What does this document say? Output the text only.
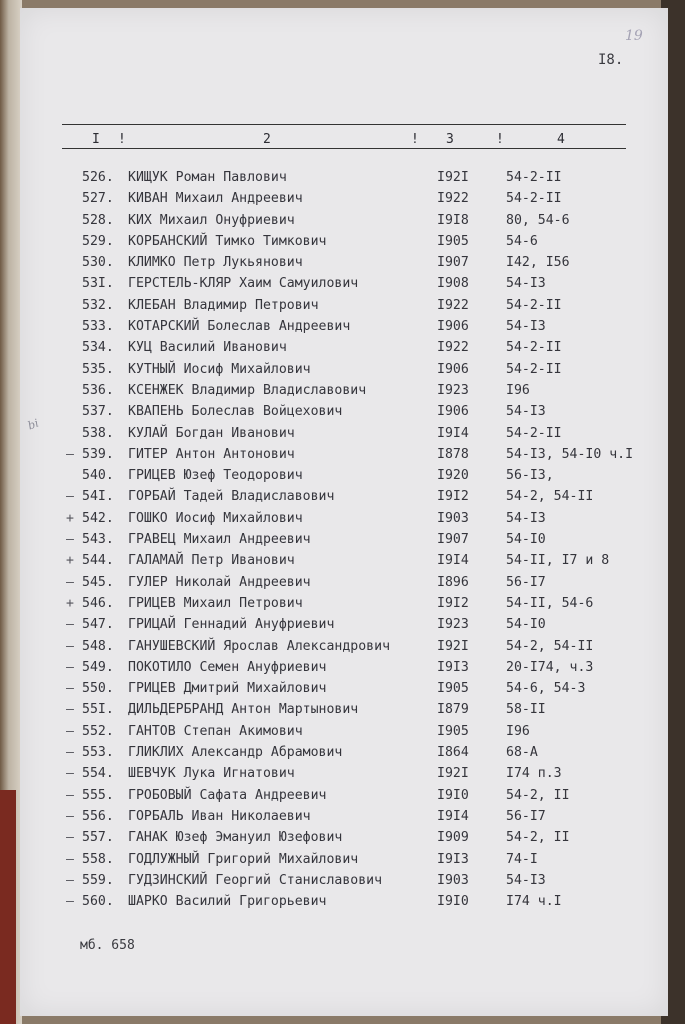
19
I8.
I !	2	! 3	!	4
bi
526. КИЩУК Роман Павлович	I92I	54-2-II
527. КИВАН Михаил Андреевич	I922	54-2-II
528. КИХ Михаил Онуфриевич	I9I8	80, 54-6
529. КОРБАНСКИЙ Тимко Тимкович	I905	54-6
530. КЛИМКО Петр Лукьянович	I907	I42, I56
53I. ГЕРСТЕЛЬ-КЛЯР Хаим Самуилович	I908	54-I3
532. КЛЕБАН Владимир Петрович	I922	54-2-II
533. КОТАРСКИЙ Болеслав Андреевич	I906	54-I3
534. КУЦ Василий Иванович	I922	54-2-II
535. КУТНЫЙ Иосиф Михайлович	I906	54-2-II
536. КСЕНЖЕК Владимир Владиславович	I923	I96
537. КВАПЕНЬ Болеслав Войцехович	I906	54-I3
538. КУЛАЙ Богдан Иванович	I9I4	54-2-II
— 539. ГИТЕР Антон Антонович	I878	54-I3, 54-I0 ч.I
540. ГРИЦЕВ Юзеф Теодорович	I920	56-I3,
— 54I. ГОРБАЙ Тадей Владиславович	I9I2	54-2, 54-II
+ 542. ГОШКО Иосиф Михайлович	I903	54-I3
— 543. ГРАВЕЦ Михаил Андреевич	I907	54-I0
+ 544. ГАЛАМАЙ Петр Иванович	I9I4	54-II, I7 и 8
— 545. ГУЛЕР Николай Андреевич	I896	56-I7
+ 546. ГРИЦЕВ Михаил Петрович	I9I2	54-II, 54-6
— 547. ГРИЦАЙ Геннадий Ануфриевич	I923	54-I0
— 548. ГАНУШЕВСКИЙ Ярослав Александрович	I92I	54-2, 54-II
— 549. ПОКОТИЛО Семен Ануфриевич	I9I3	20-I74, ч.3
— 550. ГРИЦЕВ Дмитрий Михайлович	I905	54-6, 54-3
— 55I. ДИЛЬДЕРБРАНД Антон Мартынович	I879	58-II
— 552. ГАНТОВ Степан Акимович	I905	I96
— 553. ГЛИКЛИХ Александр Абрамович	I864	68-А
— 554. ШЕВЧУК Лука Игнатович	I92I	I74 п.3
— 555. ГРОБОВЫЙ Сафата Андреевич	I9I0	54-2, II
— 556. ГОРБАЛЬ Иван Николаевич	I9I4	56-I7
— 557. ГАНАК Юзеф Эмануил Юзефович	I909	54-2, II
— 558. ГОДЛУЖНЫЙ Григорий Михайлович	I9I3	74-I
— 559. ГУДЗИНСКИЙ Георгий Станиславович	I903	54-I3
— 560. ШАРКО Василий Григорьевич	I9I0	I74 ч.I
мб. 658
